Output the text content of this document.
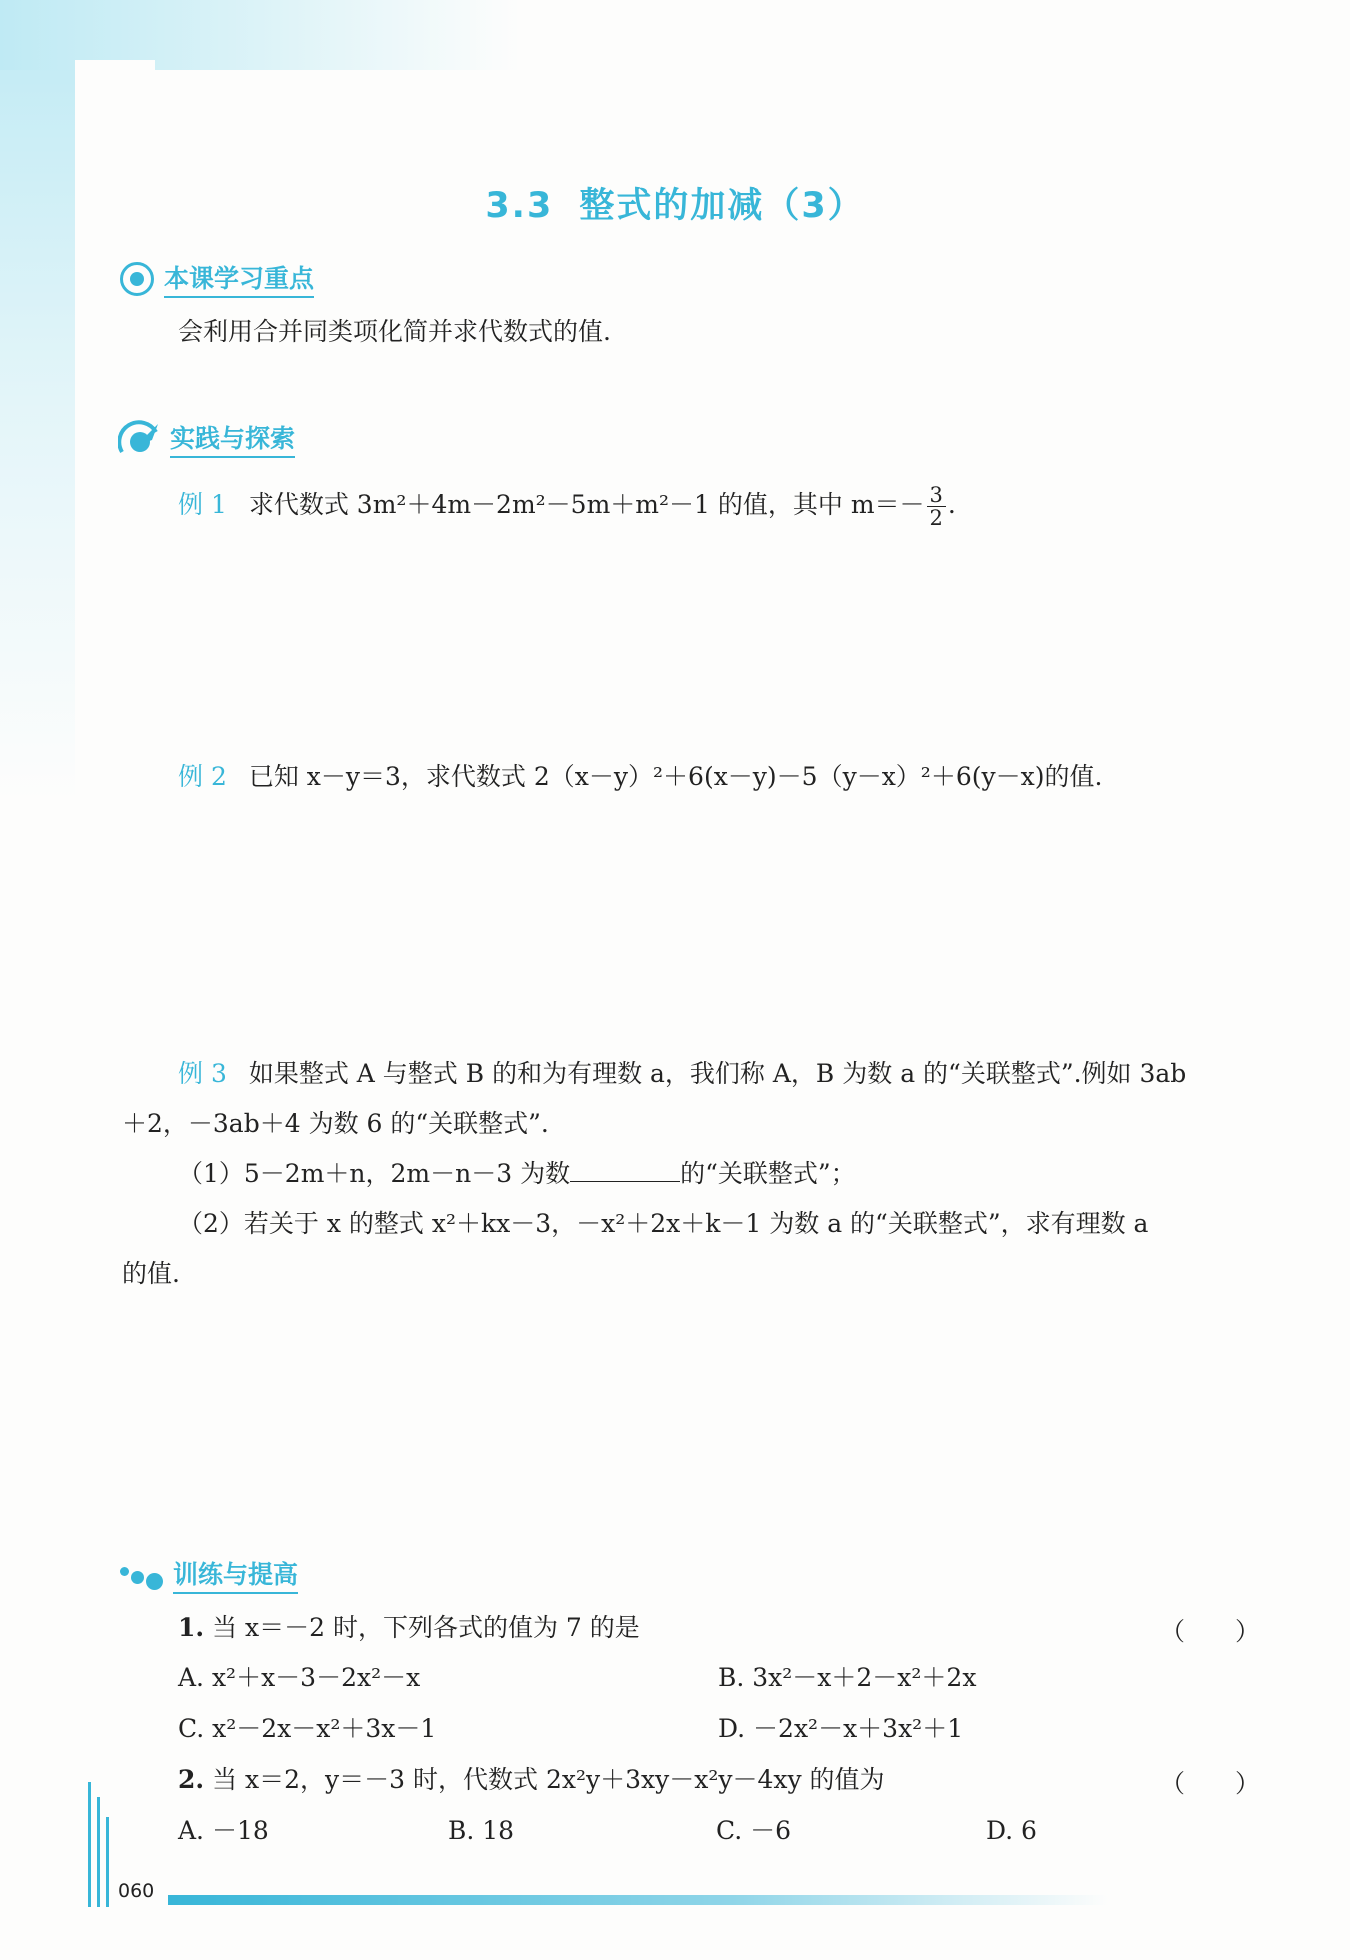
3.3 整式的加减（3）
本课学习重点
会利用合并同类项化简并求代数式的值.
实践与探索
例 1 求代数式 3m²＋4m－2m²－5m＋m²－1 的值，其中 $m=- \frac{3}{2}$ .
例 2 已知 x－y＝3，求代数式 2（x－y）²＋6(x－y)－5（y－x）²＋6(y－x)的值.
例 3 如果整式 A 与整式 B 的和为有理数 a，我们称 A，B 为数 a 的“关联整式”.例如 3ab
＋2，－3ab＋4 为数 6 的“关联整式”.
（1）5－2m＋n，2m－n－3 为数	的“关联整式”；
（2）若关于 x 的整式 x²＋kx－3，－x²＋2x＋k－1 为数 a 的“关联整式”，求有理数 a
的值.
训练与提高
1. 当 x＝－2 时，下列各式的值为 7 的是	（　　）
A. x²＋x－3－2x²－x	B. 3x²－x＋2－x²＋2x
C. x²－2x－x²＋3x－1	D. －2x²－x＋3x²＋1
2. 当 x＝2，y＝－3 时，代数式 2x²y＋3xy－x²y－4xy 的值为	（　　）
A. －18	B. 18	C. －6	D. 6
060
